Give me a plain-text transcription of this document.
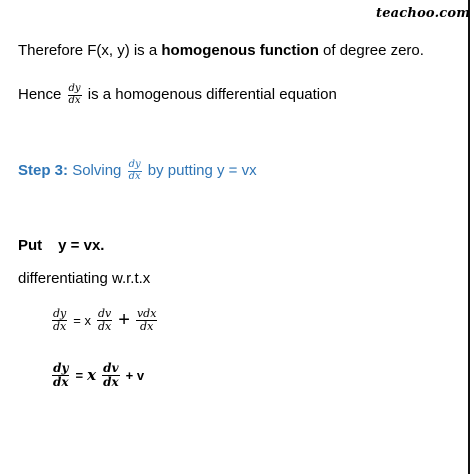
teachoo.com
Therefore F(x, y) is a homogenous function of degree zero.
Hence $\frac{dy}{dx}$ is a homogenous differential equation
Step 3: Solving $\frac{dy}{dx}$ by putting y = vx
Put y = vx.
differentiating w.r.t.x
$\frac{dy}{dx} = x \frac{dv}{dx} + \frac{\text{vdx}}{dx}$
$\frac{dy}{dx} = x \frac{dv}{dx} + v$
